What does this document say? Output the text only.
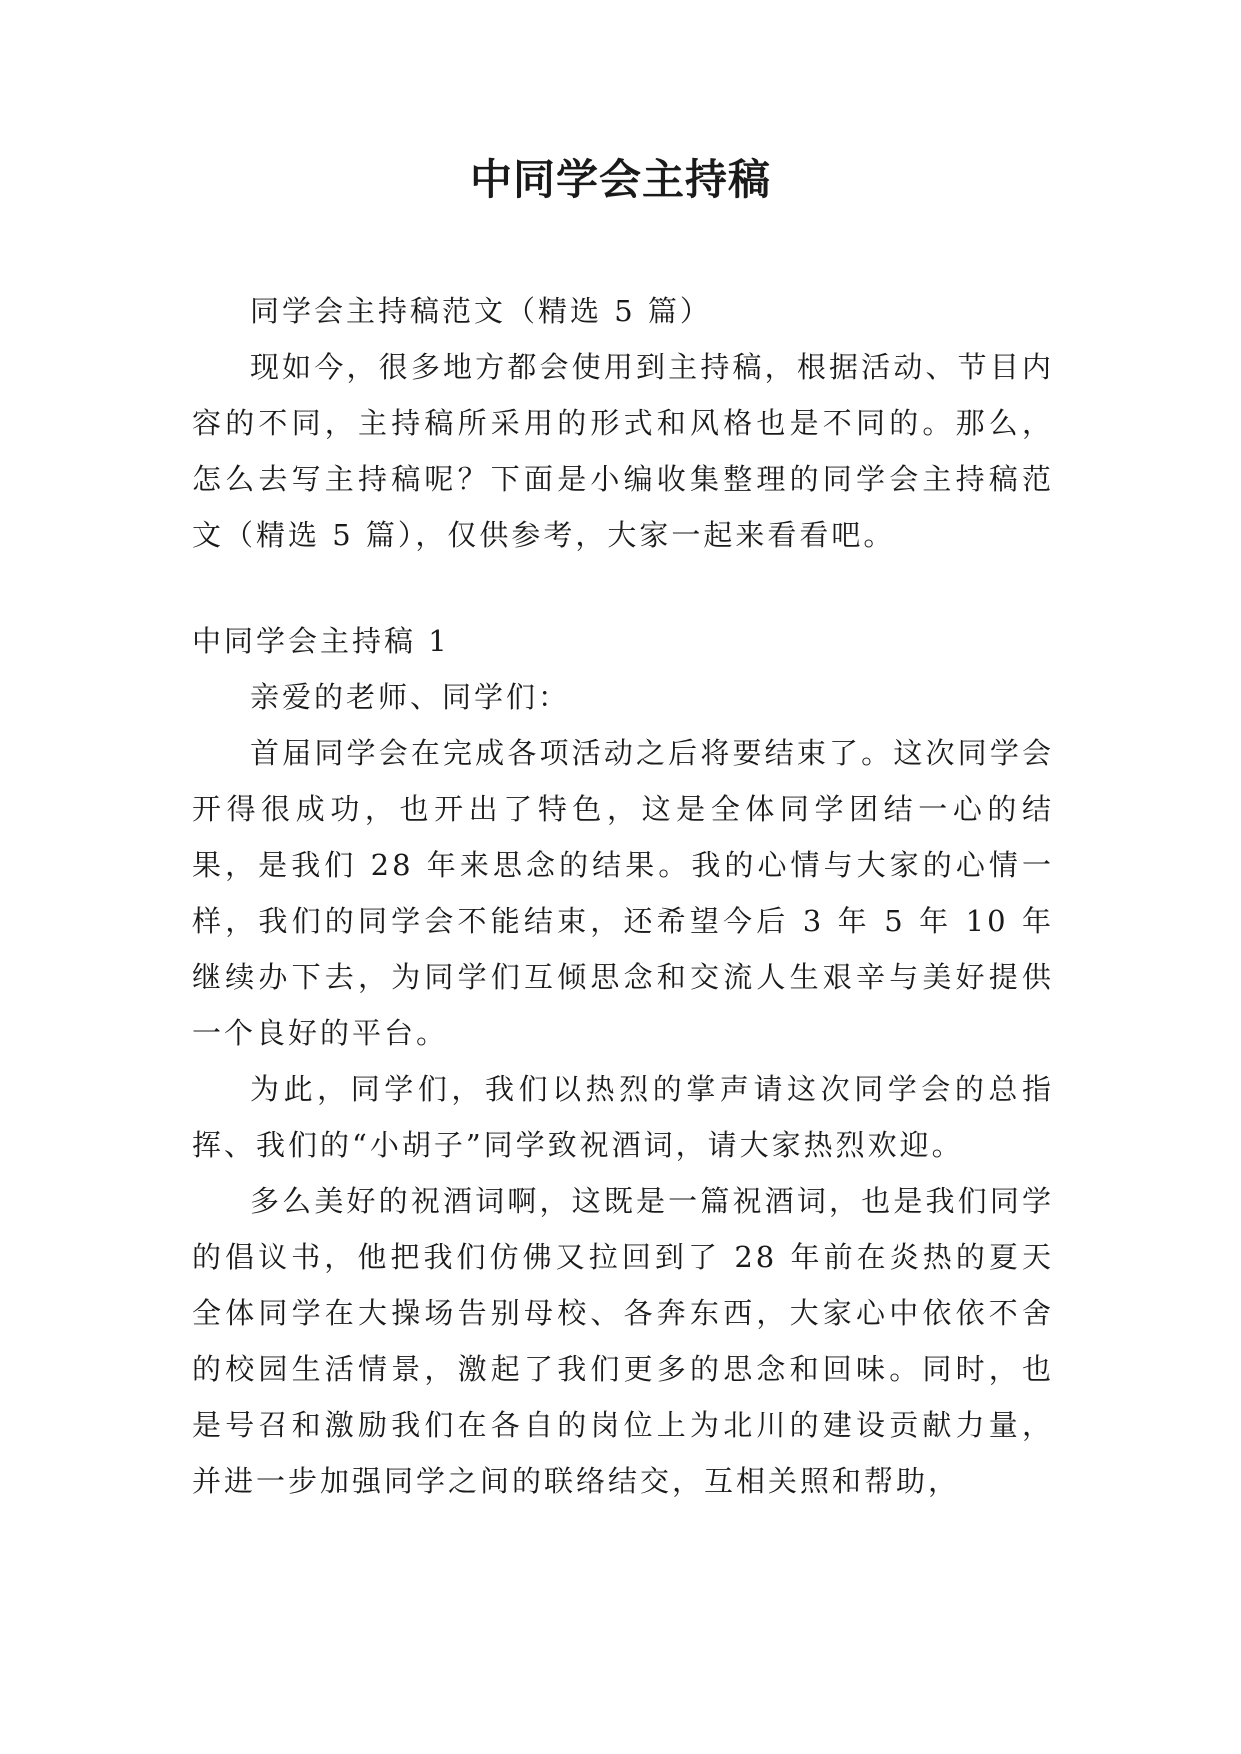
中同学会主持稿

同学会主持稿范文（精选 5 篇）

现如今，很多地方都会使用到主持稿，根据活动、节目内容的不同，主持稿所采用的形式和风格也是不同的。那么，怎么去写主持稿呢？下面是小编收集整理的同学会主持稿范文（精选 5 篇），仅供参考，大家一起来看看吧。

中同学会主持稿 1

亲爱的老师、同学们：

首届同学会在完成各项活动之后将要结束了。这次同学会开得很成功，也开出了特色，这是全体同学团结一心的结果，是我们 28 年来思念的结果。我的心情与大家的心情一样，我们的同学会不能结束，还希望今后 3 年 5 年 10 年继续办下去，为同学们互倾思念和交流人生艰辛与美好提供一个良好的平台。

为此，同学们，我们以热烈的掌声请这次同学会的总指挥、我们的“小胡子”同学致祝酒词，请大家热烈欢迎。

多么美好的祝酒词啊，这既是一篇祝酒词，也是我们同学的倡议书，他把我们仿佛又拉回到了 28 年前在炎热的夏天全体同学在大操场告别母校、各奔东西，大家心中依依不舍的校园生活情景，激起了我们更多的思念和回味。同时，也是号召和激励我们在各自的岗位上为北川的建设贡献力量，并进一步加强同学之间的联络结交，互相关照和帮助，
